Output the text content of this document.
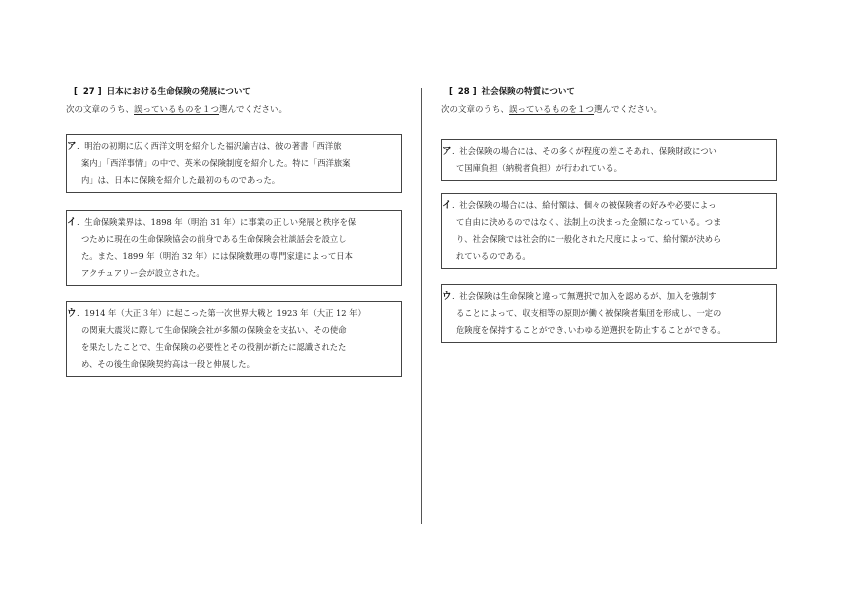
[ 27 ] 日本における生命保険の発展について
次の文章のうち、誤っているものを１つ選んでください。
ア. 明治の初期に広く西洋文明を紹介した福沢諭吉は、彼の著書「西洋旅
案内」「西洋事情」の中で、英米の保険制度を紹介した。特に「西洋旅案
内」は、日本に保険を紹介した最初のものであった。
イ. 生命保険業界は、1898 年（明治 31 年）に事業の正しい発展と秩序を保
つために現在の生命保険協会の前身である生命保険会社談話会を設立し
た。また、1899 年（明治 32 年）には保険数理の専門家達によって日本
アクチュアリー会が設立された。
ウ. 1914 年（大正３年）に起こった第一次世界大戦と 1923 年（大正 12 年）
の関東大震災に際して生命保険会社が多額の保険金を支払い、その使命
を果たしたことで、生命保険の必要性とその役割が新たに認識されたた
め、その後生命保険契約高は一段と伸展した。
[ 28 ] 社会保険の特質について
次の文章のうち、誤っているものを１つ選んでください。
ア. 社会保険の場合には、その多くが程度の差こそあれ、保険財政につい
て国庫負担（納税者負担）が行われている。
イ. 社会保険の場合には、給付額は、個々の被保険者の好みや必要によっ
て自由に決めるのではなく、法制上の決まった金額になっている。つま
り、社会保険では社会的に一般化された尺度によって、給付額が決めら
れているのである。
ウ. 社会保険は生命保険と違って無選択で加入を認めるが、加入を強制す
ることによって、収支相等の原則が働く被保険者集団を形成し、一定の
危険度を保持することができ､いわゆる逆選択を防止することができる。
